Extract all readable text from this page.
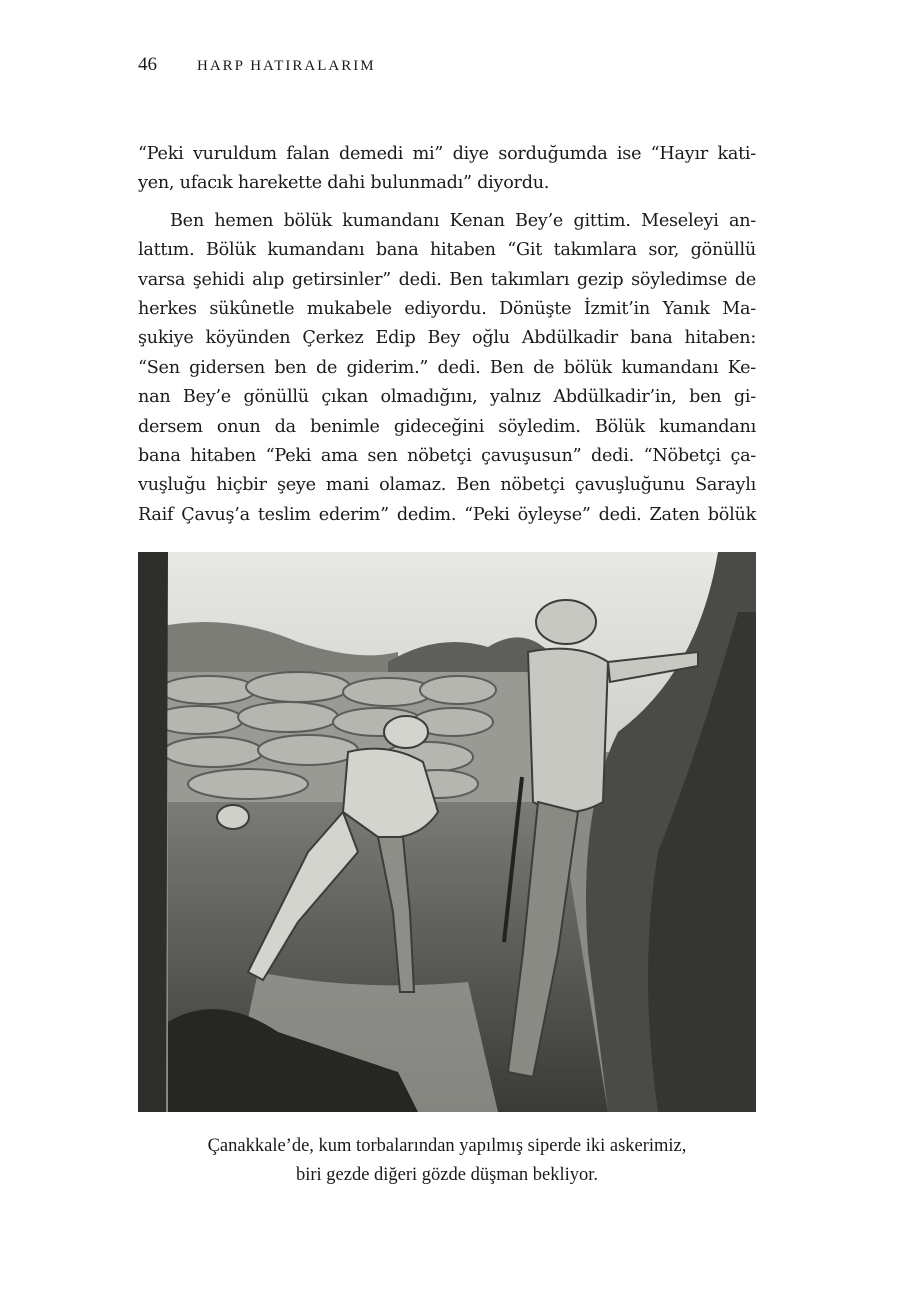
46	HARP HATIRALARIM

“Peki vuruldum falan demedi mi” diye sorduğumda ise “Hayır kati-
yen, ufacık harekette dahi bulunmadı” diyordu.

Ben hemen bölük kumandanı Kenan Bey’e gittim. Meseleyi an-
lattım. Bölük kumandanı bana hitaben “Git takımlara sor, gönüllü
varsa şehidi alıp getirsinler” dedi. Ben takımları gezip söyledimse de
herkes sükûnetle mukabele ediyordu. Dönüşte İzmit’in Yanık Ma-
şukiye köyünden Çerkez Edip Bey oğlu Abdülkadir bana hitaben:
“Sen gidersen ben de giderim.” dedi. Ben de bölük kumandanı Ke-
nan Bey’e gönüllü çıkan olmadığını, yalnız Abdülkadir’in, ben gi-
dersem onun da benimle gideceğini söyledim. Bölük kumandanı
bana hitaben “Peki ama sen nöbetçi çavuşusun” dedi. “Nöbetçi ça-
vuşluğu hiçbir şeye mani olamaz. Ben nöbetçi çavuşluğunu Saraylı
Raif Çavuş’a teslim ederim” dedim. “Peki öyleyse” dedi. Zaten bölük

Çanakkale’de, kum torbalarından yapılmış siperde iki askerimiz,
biri gezde diğeri gözde düşman bekliyor.
